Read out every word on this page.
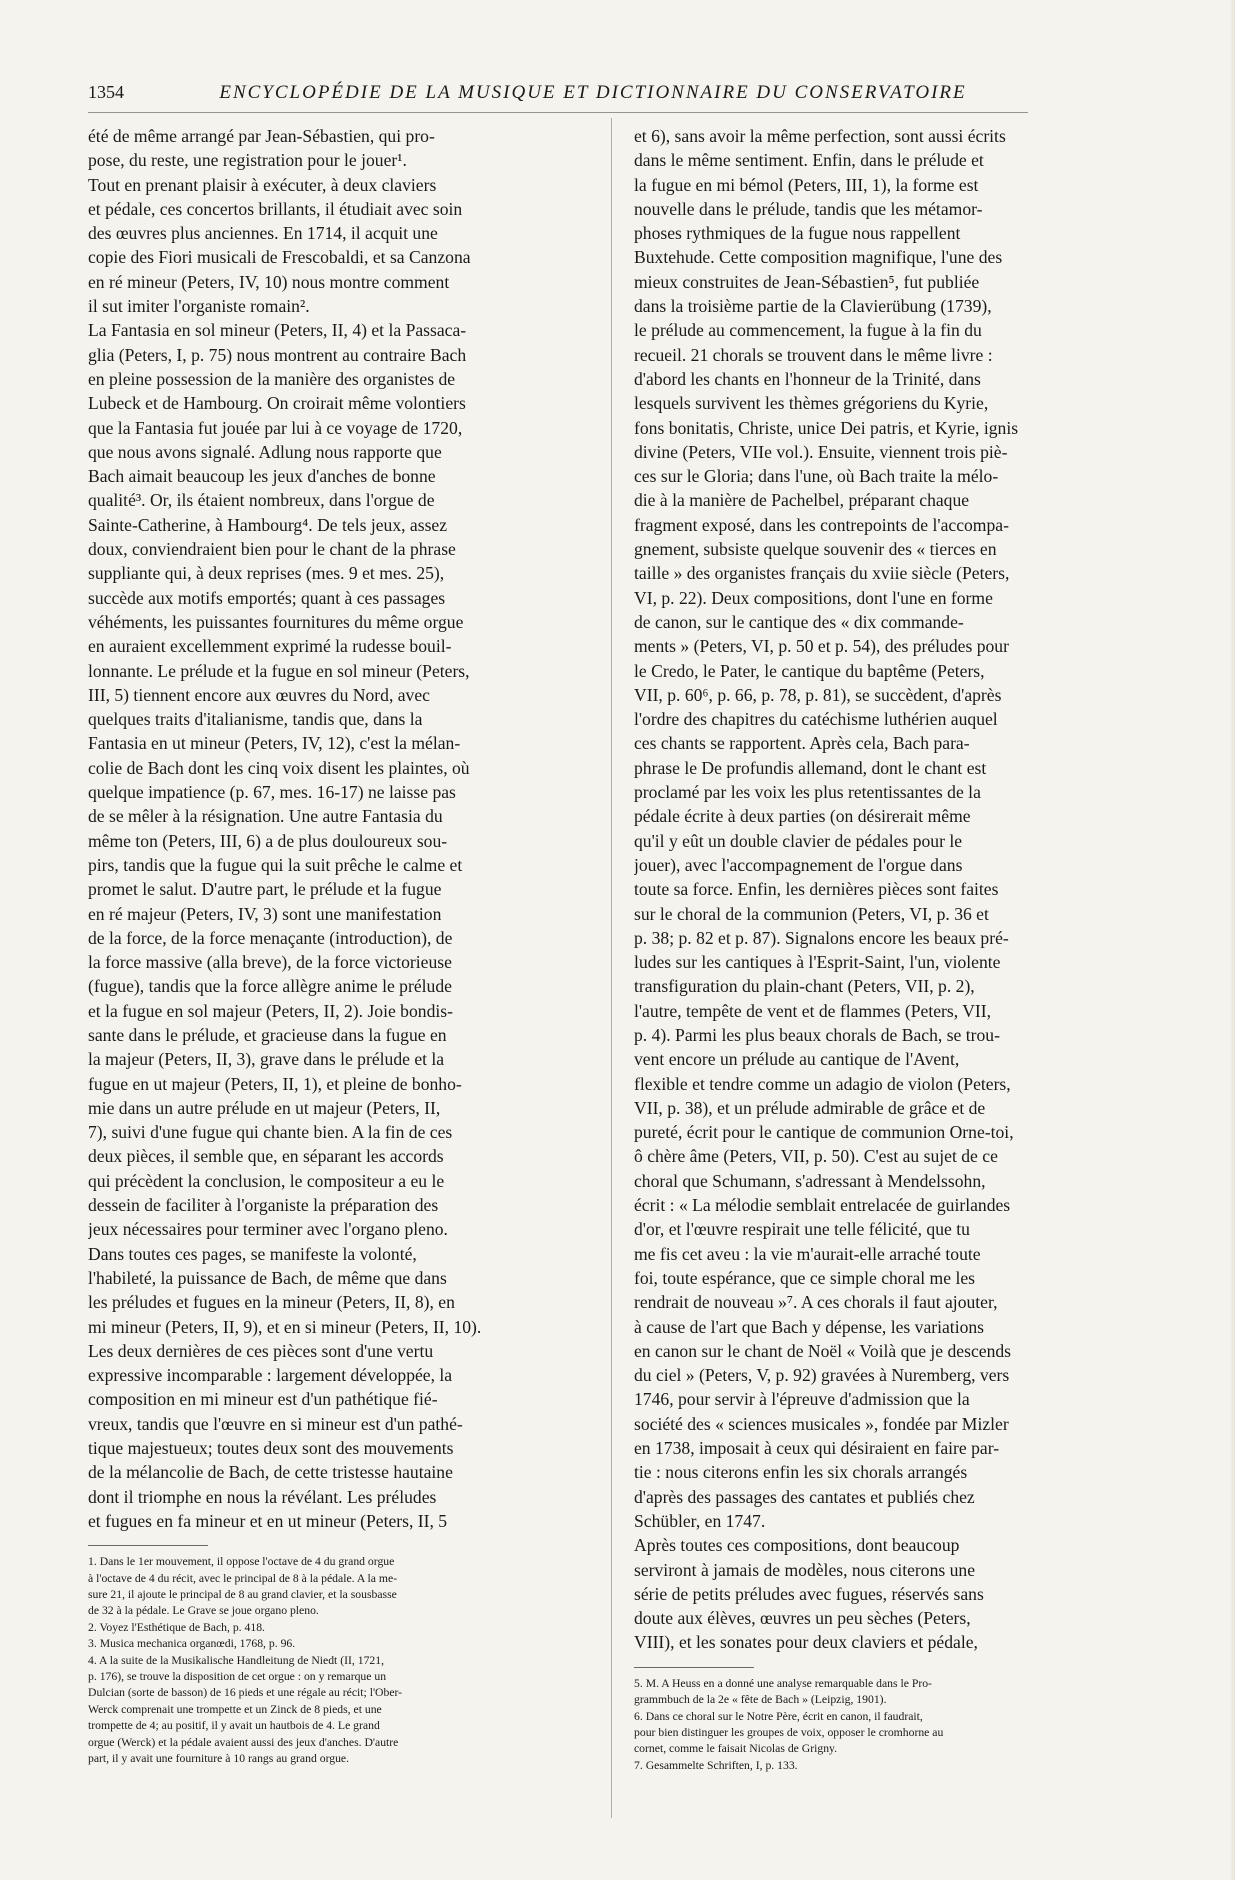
1354	ENCYCLOPÉDIE DE LA MUSIQUE ET DICTIONNAIRE DU CONSERVATOIRE
été de même arrangé par Jean-Sébastien, qui pro-
pose, du reste, une registration pour le jouer¹.
Tout en prenant plaisir à exécuter, à deux claviers
et pédale, ces concertos brillants, il étudiait avec soin
des œuvres plus anciennes. En 1714, il acquit une
copie des Fiori musicali de Frescobaldi, et sa Canzona
en ré mineur (Peters, IV, 10) nous montre comment
il sut imiter l'organiste romain².
La Fantasia en sol mineur (Peters, II, 4) et la Passaca-
glia (Peters, I, p. 75) nous montrent au contraire Bach
en pleine possession de la manière des organistes de
Lubeck et de Hambourg. On croirait même volontiers
que la Fantasia fut jouée par lui à ce voyage de 1720,
que nous avons signalé. Adlung nous rapporte que
Bach aimait beaucoup les jeux d'anches de bonne
qualité³. Or, ils étaient nombreux, dans l'orgue de
Sainte-Catherine, à Hambourg⁴. De tels jeux, assez
doux, conviendraient bien pour le chant de la phrase
suppliante qui, à deux reprises (mes. 9 et mes. 25),
succède aux motifs emportés; quant à ces passages
véhéments, les puissantes fournitures du même orgue
en auraient excellemment exprimé la rudesse bouil-
lonnante. Le prélude et la fugue en sol mineur (Peters,
III, 5) tiennent encore aux œuvres du Nord, avec
quelques traits d'italianisme, tandis que, dans la
Fantasia en ut mineur (Peters, IV, 12), c'est la mélan-
colie de Bach dont les cinq voix disent les plaintes, où
quelque impatience (p. 67, mes. 16-17) ne laisse pas
de se mêler à la résignation. Une autre Fantasia du
même ton (Peters, III, 6) a de plus douloureux sou-
pirs, tandis que la fugue qui la suit prêche le calme et
promet le salut. D'autre part, le prélude et la fugue
en ré majeur (Peters, IV, 3) sont une manifestation
de la force, de la force menaçante (introduction), de
la force massive (alla breve), de la force victorieuse
(fugue), tandis que la force allègre anime le prélude
et la fugue en sol majeur (Peters, II, 2). Joie bondis-
sante dans le prélude, et gracieuse dans la fugue en
la majeur (Peters, II, 3), grave dans le prélude et la
fugue en ut majeur (Peters, II, 1), et pleine de bonho-
mie dans un autre prélude en ut majeur (Peters, II,
7), suivi d'une fugue qui chante bien. A la fin de ces
deux pièces, il semble que, en séparant les accords
qui précèdent la conclusion, le compositeur a eu le
dessein de faciliter à l'organiste la préparation des
jeux nécessaires pour terminer avec l'organo pleno.
Dans toutes ces pages, se manifeste la volonté,
l'habileté, la puissance de Bach, de même que dans
les préludes et fugues en la mineur (Peters, II, 8), en
mi mineur (Peters, II, 9), et en si mineur (Peters, II, 10).
Les deux dernières de ces pièces sont d'une vertu
expressive incomparable : largement développée, la
composition en mi mineur est d'un pathétique fié-
vreux, tandis que l'œuvre en si mineur est d'un pathé-
tique majestueux; toutes deux sont des mouvements
de la mélancolie de Bach, de cette tristesse hautaine
dont il triomphe en nous la révélant. Les préludes
et fugues en fa mineur et en ut mineur (Peters, II, 5
1. Dans le 1er mouvement, il oppose l'octave de 4 du grand orgue
à l'octave de 4 du récit, avec le principal de 8 à la pédale. A la me-
sure 21, il ajoute le principal de 8 au grand clavier, et la sousbasse
de 32 à la pédale. Le Grave se joue organo pleno.
2. Voyez l'Esthétique de Bach, p. 418.
3. Musica mechanica organœdi, 1768, p. 96.
4. A la suite de la Musikalische Handleitung de Niedt (II, 1721,
p. 176), se trouve la disposition de cet orgue : on y remarque un
Dulcian (sorte de basson) de 16 pieds et une régale au récit; l'Ober-
Werck comprenait une trompette et un Zinck de 8 pieds, et une
trompette de 4; au positif, il y avait un hautbois de 4. Le grand
orgue (Werck) et la pédale avaient aussi des jeux d'anches. D'autre
part, il y avait une fourniture à 10 rangs au grand orgue.
et 6), sans avoir la même perfection, sont aussi écrits
dans le même sentiment. Enfin, dans le prélude et
la fugue en mi bémol (Peters, III, 1), la forme est
nouvelle dans le prélude, tandis que les métamor-
phoses rythmiques de la fugue nous rappellent
Buxtehude. Cette composition magnifique, l'une des
mieux construites de Jean-Sébastien⁵, fut publiée
dans la troisième partie de la Clavierübung (1739),
le prélude au commencement, la fugue à la fin du
recueil. 21 chorals se trouvent dans le même livre :
d'abord les chants en l'honneur de la Trinité, dans
lesquels survivent les thèmes grégoriens du Kyrie,
fons bonitatis, Christe, unice Dei patris, et Kyrie, ignis
divine (Peters, VIIe vol.). Ensuite, viennent trois piè-
ces sur le Gloria; dans l'une, où Bach traite la mélo-
die à la manière de Pachelbel, préparant chaque
fragment exposé, dans les contrepoints de l'accompa-
gnement, subsiste quelque souvenir des « tierces en
taille » des organistes français du xviie siècle (Peters,
VI, p. 22). Deux compositions, dont l'une en forme
de canon, sur le cantique des « dix commande-
ments » (Peters, VI, p. 50 et p. 54), des préludes pour
le Credo, le Pater, le cantique du baptême (Peters,
VII, p. 60⁶, p. 66, p. 78, p. 81), se succèdent, d'après
l'ordre des chapitres du catéchisme luthérien auquel
ces chants se rapportent. Après cela, Bach para-
phrase le De profundis allemand, dont le chant est
proclamé par les voix les plus retentissantes de la
pédale écrite à deux parties (on désirerait même
qu'il y eût un double clavier de pédales pour le
jouer), avec l'accompagnement de l'orgue dans
toute sa force. Enfin, les dernières pièces sont faites
sur le choral de la communion (Peters, VI, p. 36 et
p. 38; p. 82 et p. 87). Signalons encore les beaux pré-
ludes sur les cantiques à l'Esprit-Saint, l'un, violente
transfiguration du plain-chant (Peters, VII, p. 2),
l'autre, tempête de vent et de flammes (Peters, VII,
p. 4). Parmi les plus beaux chorals de Bach, se trou-
vent encore un prélude au cantique de l'Avent,
flexible et tendre comme un adagio de violon (Peters,
VII, p. 38), et un prélude admirable de grâce et de
pureté, écrit pour le cantique de communion Orne-toi,
ô chère âme (Peters, VII, p. 50). C'est au sujet de ce
choral que Schumann, s'adressant à Mendelssohn,
écrit : « La mélodie semblait entrelacée de guirlandes
d'or, et l'œuvre respirait une telle félicité, que tu
me fis cet aveu : la vie m'aurait-elle arraché toute
foi, toute espérance, que ce simple choral me les
rendrait de nouveau »⁷. A ces chorals il faut ajouter,
à cause de l'art que Bach y dépense, les variations
en canon sur le chant de Noël « Voilà que je descends
du ciel » (Peters, V, p. 92) gravées à Nuremberg, vers
1746, pour servir à l'épreuve d'admission que la
société des « sciences musicales », fondée par Mizler
en 1738, imposait à ceux qui désiraient en faire par-
tie : nous citerons enfin les six chorals arrangés
d'après des passages des cantates et publiés chez
Schübler, en 1747.
Après toutes ces compositions, dont beaucoup
serviront à jamais de modèles, nous citerons une
série de petits préludes avec fugues, réservés sans
doute aux élèves, œuvres un peu sèches (Peters,
VIII), et les sonates pour deux claviers et pédale,
5. M. A Heuss en a donné une analyse remarquable dans le Pro-
grammbuch de la 2e « fête de Bach » (Leipzig, 1901).
6. Dans ce choral sur le Notre Père, écrit en canon, il faudrait,
pour bien distinguer les groupes de voix, opposer le cromhorne au
cornet, comme le faisait Nicolas de Grigny.
7. Gesammelte Schriften, I, p. 133.
